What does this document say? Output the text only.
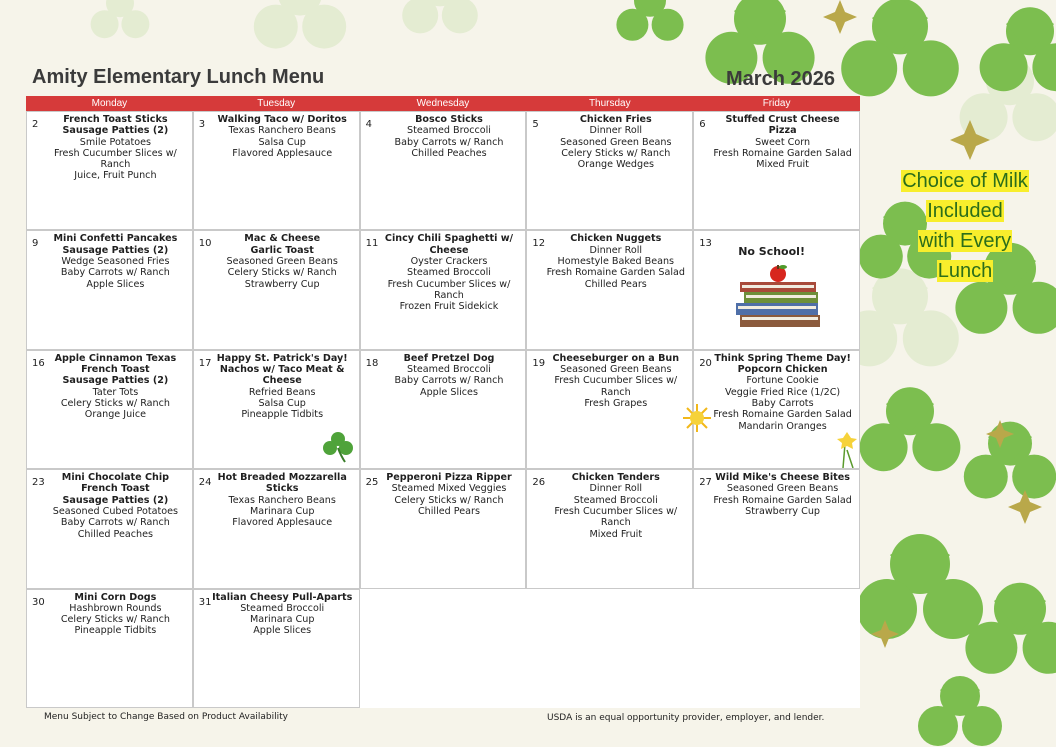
Amity Elementary Lunch Menu	March 2026
Monday	Tuesday	Wednesday	Thursday	Friday
2	French Toast Sticks
Sausage Patties (2)
Smile Potatoes
Fresh Cucumber Slices w/ Ranch
Juice, Fruit Punch
3	Walking Taco w/ Doritos
Texas Ranchero Beans
Salsa Cup
Flavored Applesauce
4	Bosco Sticks
Steamed Broccoli
Baby Carrots w/ Ranch
Chilled Peaches
5	Chicken Fries
Dinner Roll
Seasoned Green Beans
Celery Sticks w/ Ranch
Orange Wedges
6	Stuffed Crust Cheese Pizza
Sweet Corn
Fresh Romaine Garden Salad
Mixed Fruit
9	Mini Confetti Pancakes
Sausage Patties (2)
Wedge Seasoned Fries
Baby Carrots w/ Ranch
Apple Slices
10	Mac & Cheese
Garlic Toast
Seasoned Green Beans
Celery Sticks w/ Ranch
Strawberry Cup
11 Cincy Chili Spaghetti w/ Cheese
Oyster Crackers
Steamed Broccoli
Fresh Cucumber Slices w/ Ranch
Frozen Fruit Sidekick
12	Chicken Nuggets
Dinner Roll
Homestyle Baked Beans
Fresh Romaine Garden Salad
Chilled Pears
13
No School!
16	Apple Cinnamon Texas French Toast
Sausage Patties (2)
Tater Tots
Celery Sticks w/ Ranch
Orange Juice
17 Happy St. Patrick's Day!
Nachos w/ Taco Meat & Cheese
Refried Beans
Salsa Cup
Pineapple Tidbits
18	Beef Pretzel Dog
Steamed Broccoli
Baby Carrots w/ Ranch
Apple Slices
19 Cheeseburger on a Bun
Seasoned Green Beans
Fresh Cucumber Slices w/ Ranch
Fresh Grapes
20 Think Spring Theme Day!
Popcorn Chicken
Fortune Cookie
Veggie Fried Rice (1/2C)
Baby Carrots
Fresh Romaine Garden Salad
Mandarin Oranges
23	Mini Chocolate Chip French Toast
Sausage Patties (2)
Seasoned Cubed Potatoes
Baby Carrots w/ Ranch
Chilled Peaches
24 Hot Breaded Mozzarella Sticks
Texas Ranchero Beans
Marinara Cup
Flavored Applesauce
25 Pepperoni Pizza Ripper
Steamed Mixed Veggies
Celery Sticks w/ Ranch
Chilled Pears
26	Chicken Tenders
Dinner Roll
Steamed Broccoli
Fresh Cucumber Slices w/ Ranch
Mixed Fruit
27 Wild Mike's Cheese Bites
Seasoned Green Beans
Fresh Romaine Garden Salad
Strawberry Cup
30	Mini Corn Dogs
Hashbrown Rounds
Celery Sticks w/ Ranch
Pineapple Tidbits
31 Italian Cheesy Pull-Aparts
Steamed Broccoli
Marinara Cup
Apple Slices
Choice of Milk
Included
with Every
Lunch
Menu Subject to Change Based on Product Availability	USDA is an equal opportunity provider, employer, and lender.
